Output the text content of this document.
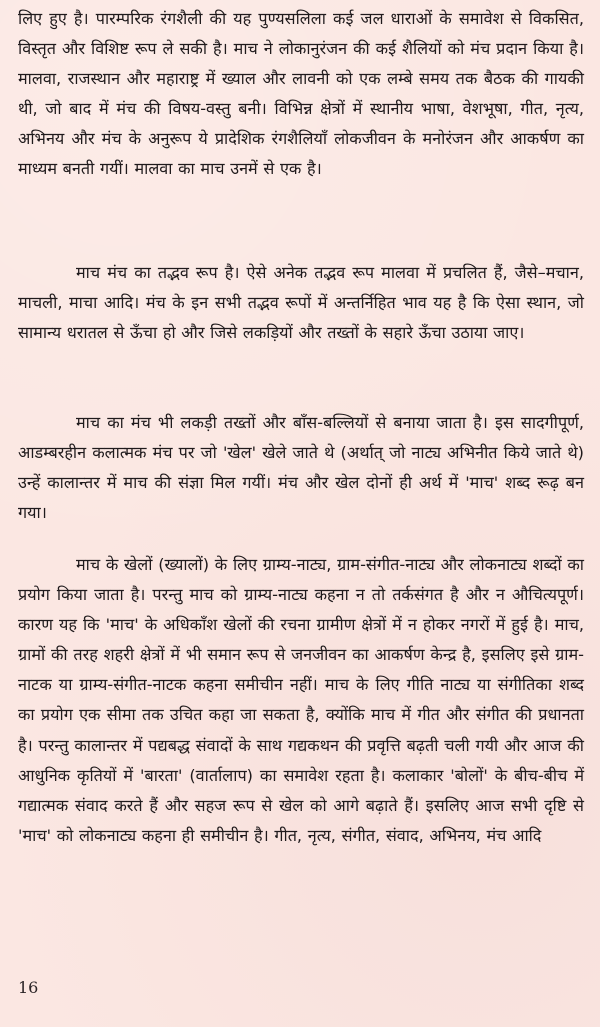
लिए हुए है। पारम्परिक रंगशैली की यह पुण्यसलिला कई जल धाराओं के समावेश से विकसित, विस्तृत और विशिष्ट रूप ले सकी है। माच ने लोकानुरंजन की कई शैलियों को मंच प्रदान किया है। मालवा, राजस्थान और महाराष्ट्र में ख्याल और लावनी को एक लम्बे समय तक बैठक की गायकी थी, जो बाद में मंच की विषय-वस्तु बनी। विभिन्न क्षेत्रों में स्थानीय भाषा, वेशभूषा, गीत, नृत्य, अभिनय और मंच के अनुरूप ये प्रादेशिक रंगशैलियाँ लोकजीवन के मनोरंजन और आकर्षण का माध्यम बनती गयीं। मालवा का माच उनमें से एक है।

माच मंच का तद्भव रूप है। ऐसे अनेक तद्भव रूप मालवा में प्रचलित हैं, जैसे–मचान, माचली, माचा आदि। मंच के इन सभी तद्भव रूपों में अन्तर्निहित भाव यह है कि ऐसा स्थान, जो सामान्य धरातल से ऊँचा हो और जिसे लकड़ियों और तख्तों के सहारे ऊँचा उठाया जाए।

माच का मंच भी लकड़ी तख्तों और बाँस-बल्लियों से बनाया जाता है। इस सादगीपूर्ण, आडम्बरहीन कलात्मक मंच पर जो 'खेल' खेले जाते थे (अर्थात् जो नाट्य अभिनीत किये जाते थे) उन्हें कालान्तर में माच की संज्ञा मिल गयीं। मंच और खेल दोनों ही अर्थ में 'माच' शब्द रूढ़ बन गया।

माच के खेलों (ख्यालों) के लिए ग्राम्य-नाट्य, ग्राम-संगीत-नाट्य और लोकनाट्य शब्दों का प्रयोग किया जाता है। परन्तु माच को ग्राम्य-नाट्य कहना न तो तर्कसंगत है और न औचित्यपूर्ण। कारण यह कि 'माच' के अधिकाँश खेलों की रचना ग्रामीण क्षेत्रों में न होकर नगरों में हुई है। माच, ग्रामों की तरह शहरी क्षेत्रों में भी समान रूप से जनजीवन का आकर्षण केन्द्र है, इसलिए इसे ग्राम-नाटक या ग्राम्य-संगीत-नाटक कहना समीचीन नहीं। माच के लिए गीति नाट्य या संगीतिका शब्द का प्रयोग एक सीमा तक उचित कहा जा सकता है, क्योंकि माच में गीत और संगीत की प्रधानता है। परन्तु कालान्तर में पद्यबद्ध संवादों के साथ गद्यकथन की प्रवृत्ति बढ़ती चली गयी और आज की आधुनिक कृतियों में 'बारता' (वार्तालाप) का समावेश रहता है। कलाकार 'बोलों' के बीच-बीच में गद्यात्मक संवाद करते हैं और सहज रूप से खेल को आगे बढ़ाते हैं। इसलिए आज सभी दृष्टि से 'माच' को लोकनाट्य कहना ही समीचीन है। गीत, नृत्य, संगीत, संवाद, अभिनय, मंच आदि

16
